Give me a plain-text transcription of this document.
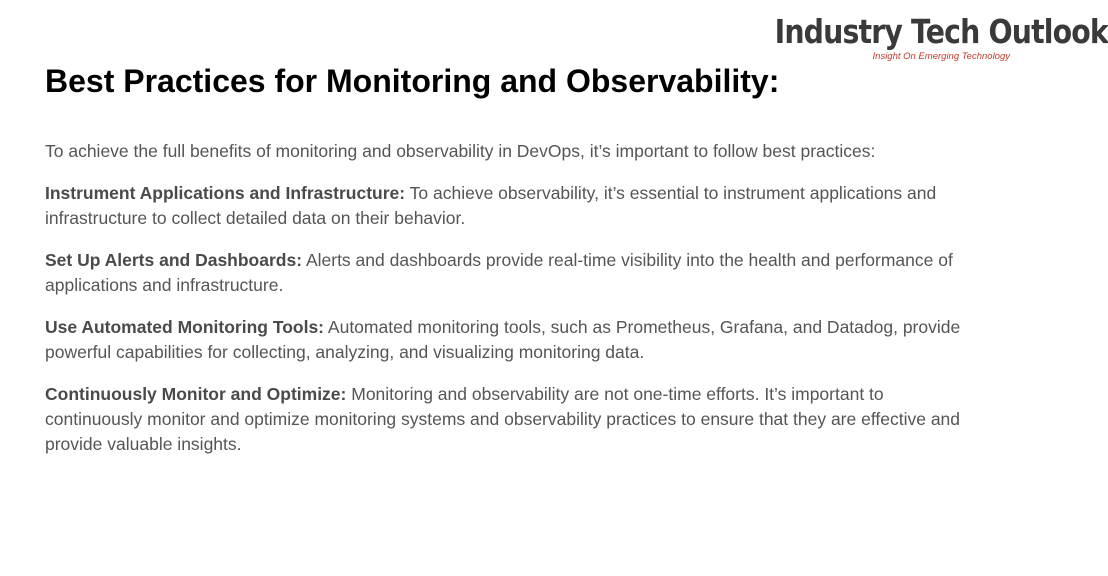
Industry Tech Outlook
Insight On Emerging Technology
Best Practices for Monitoring and Observability:

To achieve the full benefits of monitoring and observability in DevOps, it’s important to follow best practices:

Instrument Applications and Infrastructure: To achieve observability, it’s essential to instrument applications and infrastructure to collect detailed data on their behavior.

Set Up Alerts and Dashboards: Alerts and dashboards provide real-time visibility into the health and performance of applications and infrastructure.

Use Automated Monitoring Tools: Automated monitoring tools, such as Prometheus, Grafana, and Datadog, provide powerful capabilities for collecting, analyzing, and visualizing monitoring data.

Continuously Monitor and Optimize: Monitoring and observability are not one-time efforts. It’s important to continuously monitor and optimize monitoring systems and observability practices to ensure that they are effective and provide valuable insights.
